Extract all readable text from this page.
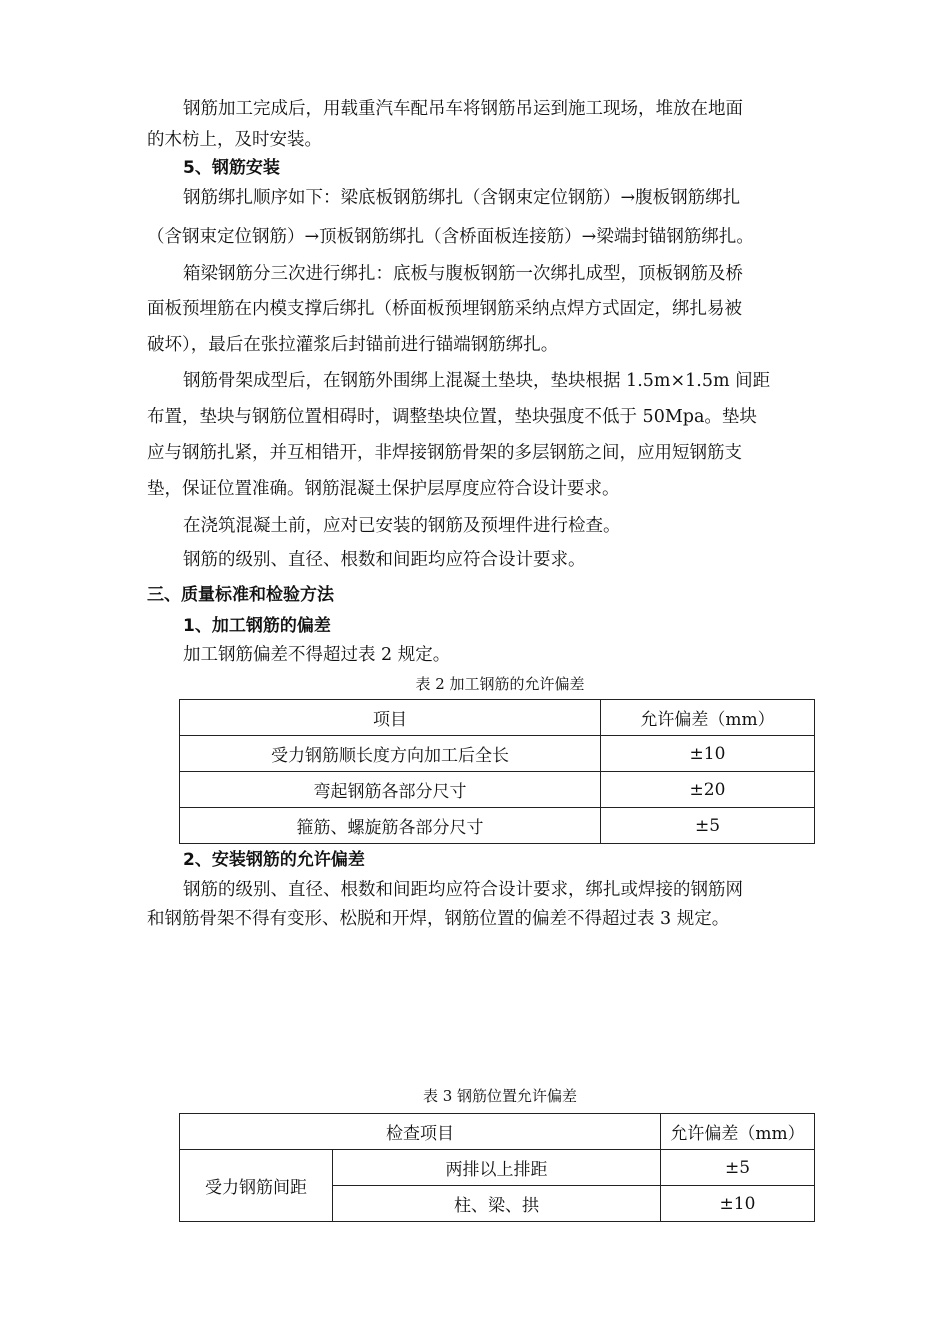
钢筋加工完成后，用载重汽车配吊车将钢筋吊运到施工现场，堆放在地面
的木枋上，及时安装。
5、钢筋安装
钢筋绑扎顺序如下：梁底板钢筋绑扎（含钢束定位钢筋）→腹板钢筋绑扎
（含钢束定位钢筋）→顶板钢筋绑扎（含桥面板连接筋）→梁端封锚钢筋绑扎。
箱梁钢筋分三次进行绑扎：底板与腹板钢筋一次绑扎成型，顶板钢筋及桥
面板预埋筋在内模支撑后绑扎（桥面板预埋钢筋采纳点焊方式固定，绑扎易被
破坏），最后在张拉灌浆后封锚前进行锚端钢筋绑扎。
钢筋骨架成型后，在钢筋外围绑上混凝土垫块，垫块根据 1.5m×1.5m 间距
布置，垫块与钢筋位置相碍时，调整垫块位置，垫块强度不低于 50Mpa。垫块
应与钢筋扎紧，并互相错开，非焊接钢筋骨架的多层钢筋之间，应用短钢筋支
垫，保证位置准确。钢筋混凝土保护层厚度应符合设计要求。
在浇筑混凝土前，应对已安装的钢筋及预埋件进行检查。
钢筋的级别、直径、根数和间距均应符合设计要求。
三、质量标准和检验方法
1、加工钢筋的偏差
加工钢筋偏差不得超过表 2 规定。
表 2 加工钢筋的允许偏差
项目	允许偏差（mm）
受力钢筋顺长度方向加工后全长	±10
弯起钢筋各部分尺寸	±20
箍筋、螺旋筋各部分尺寸	±5
2、安装钢筋的允许偏差
钢筋的级别、直径、根数和间距均应符合设计要求，绑扎或焊接的钢筋网
和钢筋骨架不得有变形、松脱和开焊，钢筋位置的偏差不得超过表 3 规定。
表 3 钢筋位置允许偏差
检查项目		允许偏差（mm）
受力钢筋间距	两排以上排距	±5
	柱、梁、拱	±10
